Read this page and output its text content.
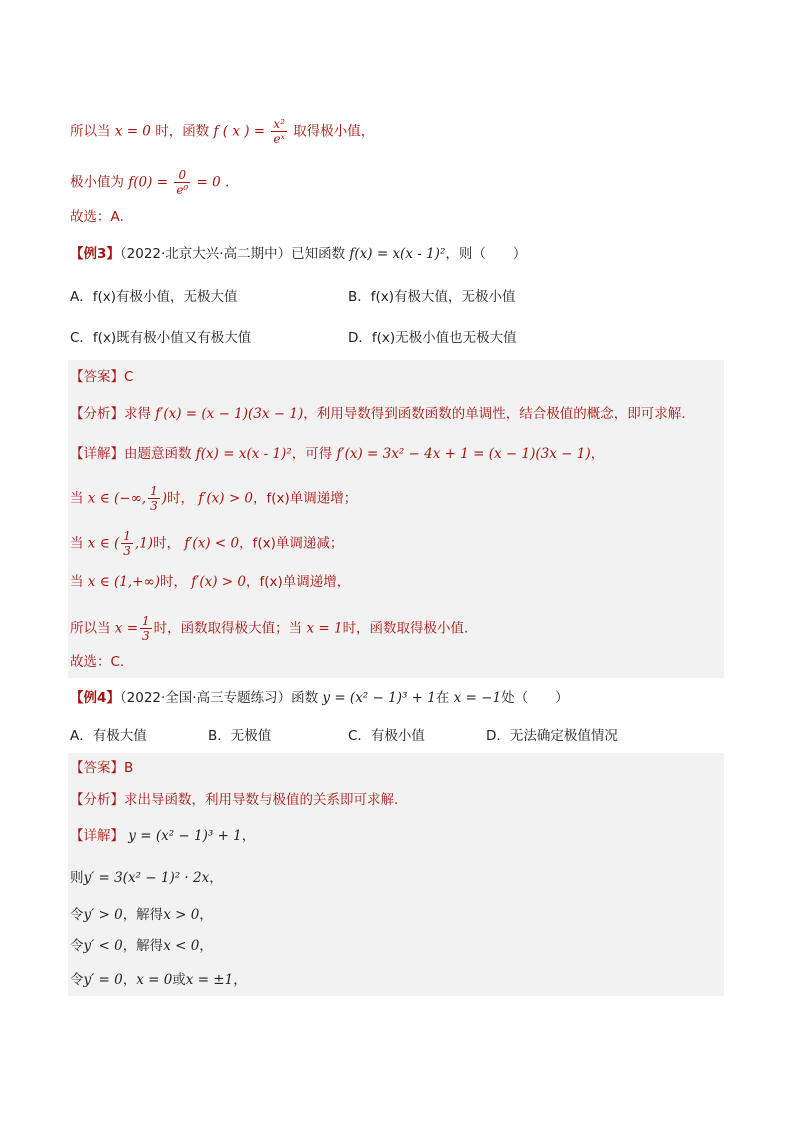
所以当 x = 0 时，函数 f ( x ) = $\frac{\text{x²}}{\text{eˣ}}$ 取得极小值，
极小值为 $f(0) = \frac{0}{\text{e⁰}} = 0$ .
故选：A.
【例3】（2022·北京大兴·高二期中）已知函数 f(x) = x(x - 1)²，则（　　）
A．f(x)有极小值，无极大值	B．f(x)有极大值，无极小值
C．f(x)既有极小值又有极大值	D．f(x)无极小值也无极大值
【答案】C
【分析】求得 f′(x) = (x − 1)(3x − 1)，利用导数得到函数函数的单调性，结合极值的概念，即可求解.
【详解】由题意函数 f(x) = x(x - 1)²，可得 f′(x) = 3x² − 4x + 1 = (x − 1)(3x − 1)，
当 x ∈ (−∞, $\frac{1}{3}$ )时， f′(x) > 0，f(x)单调递增；
当 x ∈ ( $\frac{1}{3} ,1$)时， f′(x) < 0，f(x)单调递减；
当 x ∈ (1,+∞)时， f′(x) > 0，f(x)单调递增，
所以当 $x = \frac{1}{3}$ 时，函数取得极大值；当 x = 1时，函数取得极小值.
故选：C.
【例4】（2022·全国·高三专题练习）函数 y = (x² − 1)³ + 1在 x = −1处（　　）
A．有极大值	B．无极值	C．有极小值	D．无法确定极值情况
【答案】B
【分析】求出导函数，利用导数与极值的关系即可求解.
【详解】 y = (x² − 1)³ + 1，
则y′ = 3(x² − 1)² · 2x，
令y′ > 0，解得x > 0，
令y′ < 0，解得x < 0，
令y′ = 0，x = 0或x = ±1，
